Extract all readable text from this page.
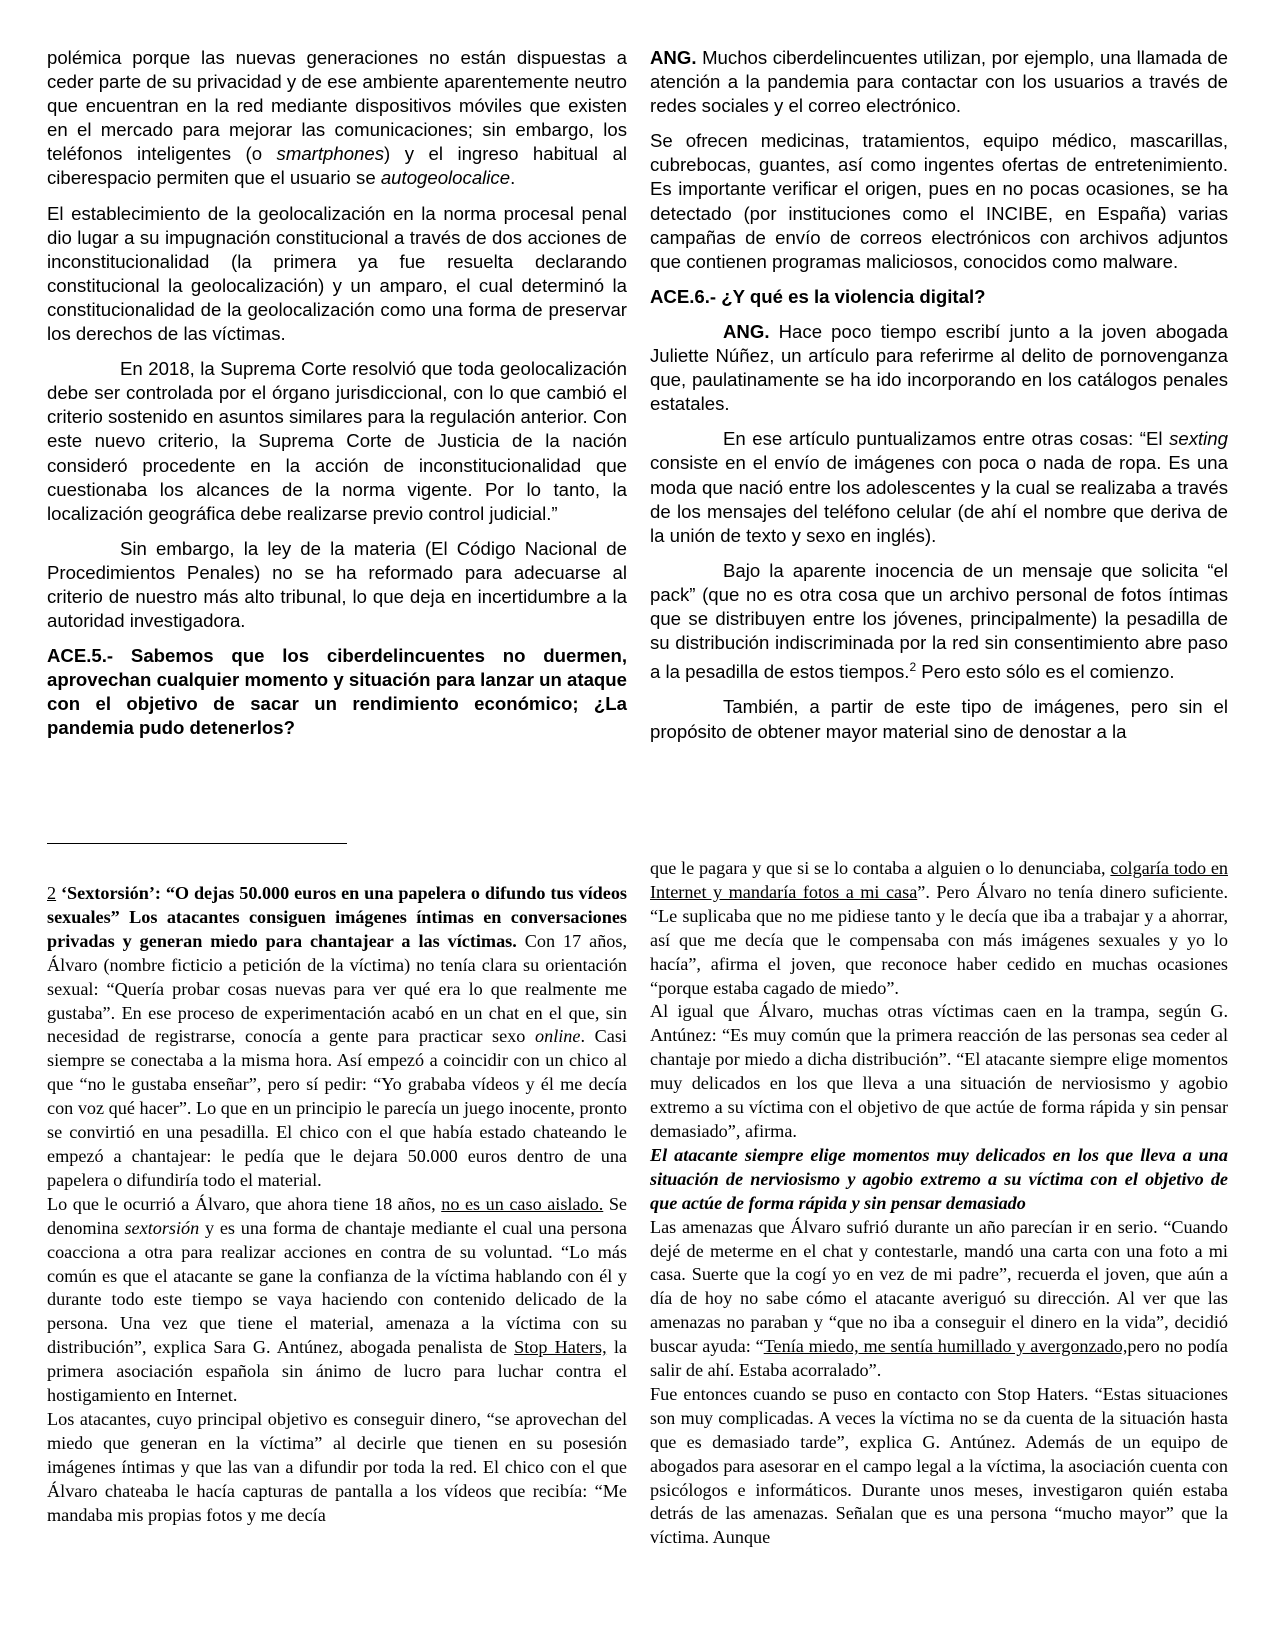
polémica porque las nuevas generaciones no están dispuestas a ceder parte de su privacidad y de ese ambiente aparentemente neutro que encuentran en la red mediante dispositivos móviles que existen en el mercado para mejorar las comunicaciones; sin embargo, los teléfonos inteligentes (o smartphones) y el ingreso habitual al ciberespacio permiten que el usuario se autogeolocalice.

El establecimiento de la geolocalización en la norma procesal penal dio lugar a su impugnación constitucional a través de dos acciones de inconstitucionalidad (la primera ya fue resuelta declarando constitucional la geolocalización) y un amparo, el cual determinó la constitucionalidad de la geolocalización como una forma de preservar los derechos de las víctimas.

En 2018, la Suprema Corte resolvió que toda geolocalización debe ser controlada por el órgano jurisdiccional, con lo que cambió el criterio sostenido en asuntos similares para la regulación anterior. Con este nuevo criterio, la Suprema Corte de Justicia de la nación consideró procedente en la acción de inconstitucionalidad que cuestionaba los alcances de la norma vigente. Por lo tanto, la localización geográfica debe realizarse previo control judicial.”

Sin embargo, la ley de la materia (El Código Nacional de Procedimientos Penales) no se ha reformado para adecuarse al criterio de nuestro más alto tribunal, lo que deja en incertidumbre a la autoridad investigadora.

ACE.5.- Sabemos que los ciberdelincuentes no duermen, aprovechan cualquier momento y situación para lanzar un ataque con el objetivo de sacar un rendimiento económico; ¿La pandemia pudo detenerlos?

ANG. Muchos ciberdelincuentes utilizan, por ejemplo, una llamada de atención a la pandemia para contactar con los usuarios a través de redes sociales y el correo electrónico.

Se ofrecen medicinas, tratamientos, equipo médico, mascarillas, cubrebocas, guantes, así como ingentes ofertas de entretenimiento. Es importante verificar el origen, pues en no pocas ocasiones, se ha detectado (por instituciones como el INCIBE, en España) varias campañas de envío de correos electrónicos con archivos adjuntos que contienen programas maliciosos, conocidos como malware.

ACE.6.- ¿Y qué es la violencia digital?

ANG. Hace poco tiempo escribí junto a la joven abogada Juliette Núñez, un artículo para referirme al delito de pornovenganza que, paulatinamente se ha ido incorporando en los catálogos penales estatales.

En ese artículo puntualizamos entre otras cosas: “El sexting consiste en el envío de imágenes con poca o nada de ropa. Es una moda que nació entre los adolescentes y la cual se realizaba a través de los mensajes del teléfono celular (de ahí el nombre que deriva de la unión de texto y sexo en inglés).

Bajo la aparente inocencia de un mensaje que solicita “el pack” (que no es otra cosa que un archivo personal de fotos íntimas que se distribuyen entre los jóvenes, principalmente) la pesadilla de su distribución indiscriminada por la red sin consentimiento abre paso a la pesadilla de estos tiempos.$^2$ Pero esto sólo es el comienzo.

También, a partir de este tipo de imágenes, pero sin el propósito de obtener mayor material sino de denostar a la

2 ‘Sextorsión’: “O dejas 50.000 euros en una papelera o difundo tus vídeos sexuales” Los atacantes consiguen imágenes íntimas en conversaciones privadas y generan miedo para chantajear a las víctimas. Con 17 años, Álvaro (nombre ficticio a petición de la víctima) no tenía clara su orientación sexual: “Quería probar cosas nuevas para ver qué era lo que realmente me gustaba”. En ese proceso de experimentación acabó en un chat en el que, sin necesidad de registrarse, conocía a gente para practicar sexo online. Casi siempre se conectaba a la misma hora. Así empezó a coincidir con un chico al que “no le gustaba enseñar”, pero sí pedir: “Yo grababa vídeos y él me decía con voz qué hacer”. Lo que en un principio le parecía un juego inocente, pronto se convirtió en una pesadilla. El chico con el que había estado chateando le empezó a chantajear: le pedía que le dejara 50.000 euros dentro de una papelera o difundiría todo el material.

Lo que le ocurrió a Álvaro, que ahora tiene 18 años, no es un caso aislado. Se denomina sextorsión y es una forma de chantaje mediante el cual una persona coacciona a otra para realizar acciones en contra de su voluntad. “Lo más común es que el atacante se gane la confianza de la víctima hablando con él y durante todo este tiempo se vaya haciendo con contenido delicado de la persona. Una vez que tiene el material, amenaza a la víctima con su distribución”, explica Sara G. Antúnez, abogada penalista de Stop Haters, la primera asociación española sin ánimo de lucro para luchar contra el hostigamiento en Internet.

Los atacantes, cuyo principal objetivo es conseguir dinero, “se aprovechan del miedo que generan en la víctima” al decirle que tienen en su posesión imágenes íntimas y que las van a difundir por toda la red. El chico con el que Álvaro chateaba le hacía capturas de pantalla a los vídeos que recibía: “Me mandaba mis propias fotos y me decía

que le pagara y que si se lo contaba a alguien o lo denunciaba, colgaría todo en Internet y mandaría fotos a mi casa”. Pero Álvaro no tenía dinero suficiente. “Le suplicaba que no me pidiese tanto y le decía que iba a trabajar y a ahorrar, así que me decía que le compensaba con más imágenes sexuales y yo lo hacía”, afirma el joven, que reconoce haber cedido en muchas ocasiones “porque estaba cagado de miedo”.

Al igual que Álvaro, muchas otras víctimas caen en la trampa, según G. Antúnez: “Es muy común que la primera reacción de las personas sea ceder al chantaje por miedo a dicha distribución”. “El atacante siempre elige momentos muy delicados en los que lleva a una situación de nerviosismo y agobio extremo a su víctima con el objetivo de que actúe de forma rápida y sin pensar demasiado”, afirma.

El atacante siempre elige momentos muy delicados en los que lleva a una situación de nerviosismo y agobio extremo a su víctima con el objetivo de que actúe de forma rápida y sin pensar demasiado

Las amenazas que Álvaro sufrió durante un año parecían ir en serio. “Cuando dejé de meterme en el chat y contestarle, mandó una carta con una foto a mi casa. Suerte que la cogí yo en vez de mi padre”, recuerda el joven, que aún a día de hoy no sabe cómo el atacante averiguó su dirección. Al ver que las amenazas no paraban y “que no iba a conseguir el dinero en la vida”, decidió buscar ayuda: “Tenía miedo, me sentía humillado y avergonzado,pero no podía salir de ahí. Estaba acorralado”.

Fue entonces cuando se puso en contacto con Stop Haters. “Estas situaciones son muy complicadas. A veces la víctima no se da cuenta de la situación hasta que es demasiado tarde”, explica G. Antúnez. Además de un equipo de abogados para asesorar en el campo legal a la víctima, la asociación cuenta con psicólogos e informáticos. Durante unos meses, investigaron quién estaba detrás de las amenazas. Señalan que es una persona “mucho mayor” que la víctima. Aunque
